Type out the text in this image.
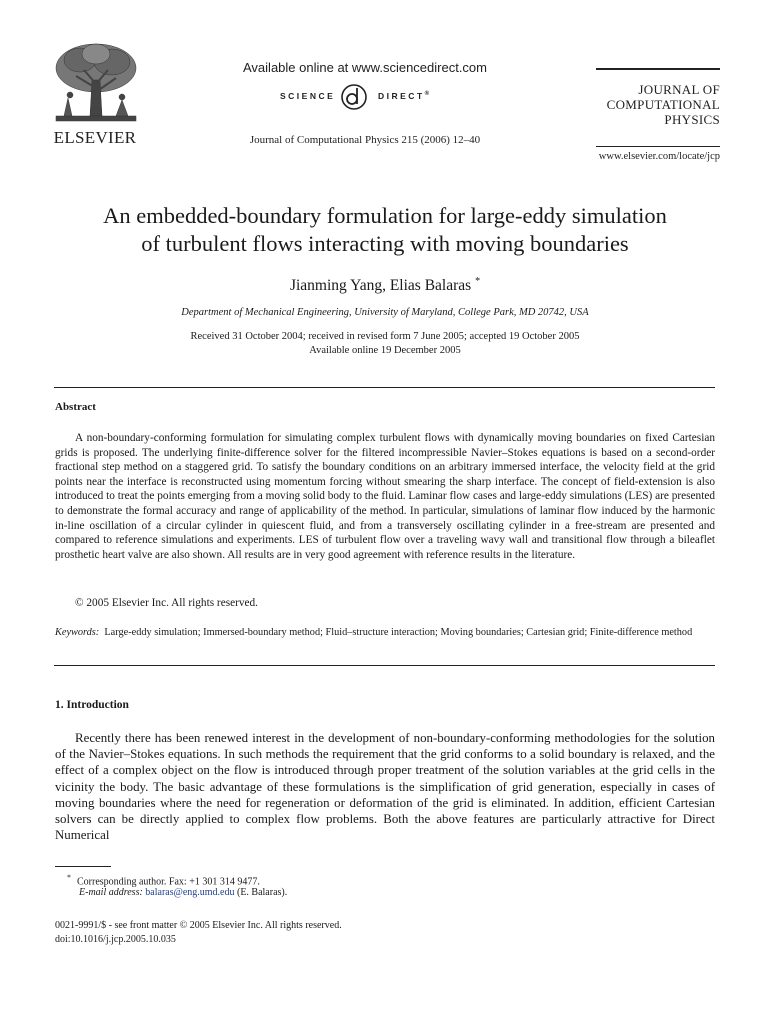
ELSEVIER
Available online at www.sciencedirect.com
SCIENCE	DIRECT®
Journal of Computational Physics 215 (2006) 12–40
JOURNAL OF
COMPUTATIONAL
PHYSICS
www.elsevier.com/locate/jcp
An embedded-boundary formulation for large-eddy simulation
of turbulent flows interacting with moving boundaries
Jianming Yang, Elias Balaras *
Department of Mechanical Engineering, University of Maryland, College Park, MD 20742, USA
Received 31 October 2004; received in revised form 7 June 2005; accepted 19 October 2005
Available online 19 December 2005
Abstract
A non-boundary-conforming formulation for simulating complex turbulent flows with dynamically moving boundaries on fixed Cartesian grids is proposed. The underlying finite-difference solver for the filtered incompressible Navier–Stokes equations is based on a second-order fractional step method on a staggered grid. To satisfy the boundary conditions on an arbitrary immersed interface, the velocity field at the grid points near the interface is reconstructed using momentum forcing without smearing the sharp interface. The concept of field-extension is also introduced to treat the points emerging from a moving solid body to the fluid. Laminar flow cases and large-eddy simulations (LES) are presented to demonstrate the formal accuracy and range of applicability of the method. In particular, simulations of laminar flow induced by the harmonic in-line oscillation of a circular cylinder in quiescent fluid, and from a transversely oscillating cylinder in a free-stream are presented and compared to reference simulations and experiments. LES of turbulent flow over a traveling wavy wall and transitional flow through a bileaflet prosthetic heart valve are also shown. All results are in very good agreement with reference results in the literature.
© 2005 Elsevier Inc. All rights reserved.
Keywords: Large-eddy simulation; Immersed-boundary method; Fluid–structure interaction; Moving boundaries; Cartesian grid; Finite-difference method
1. Introduction
Recently there has been renewed interest in the development of non-boundary-conforming methodologies for the solution of the Navier–Stokes equations. In such methods the requirement that the grid conforms to a solid boundary is relaxed, and the effect of a complex object on the flow is introduced through proper treatment of the solution variables at the grid cells in the vicinity the body. The basic advantage of these formulations is the simplification of grid generation, especially in cases of moving boundaries where the need for regeneration or deformation of the grid is eliminated. In addition, efficient Cartesian solvers can be directly applied to complex flow problems. Both the above features are particularly attractive for Direct Numerical
* Corresponding author. Fax: +1 301 314 9477.
E-mail address: balaras@eng.umd.edu (E. Balaras).
0021-9991/$ - see front matter © 2005 Elsevier Inc. All rights reserved.
doi:10.1016/j.jcp.2005.10.035
